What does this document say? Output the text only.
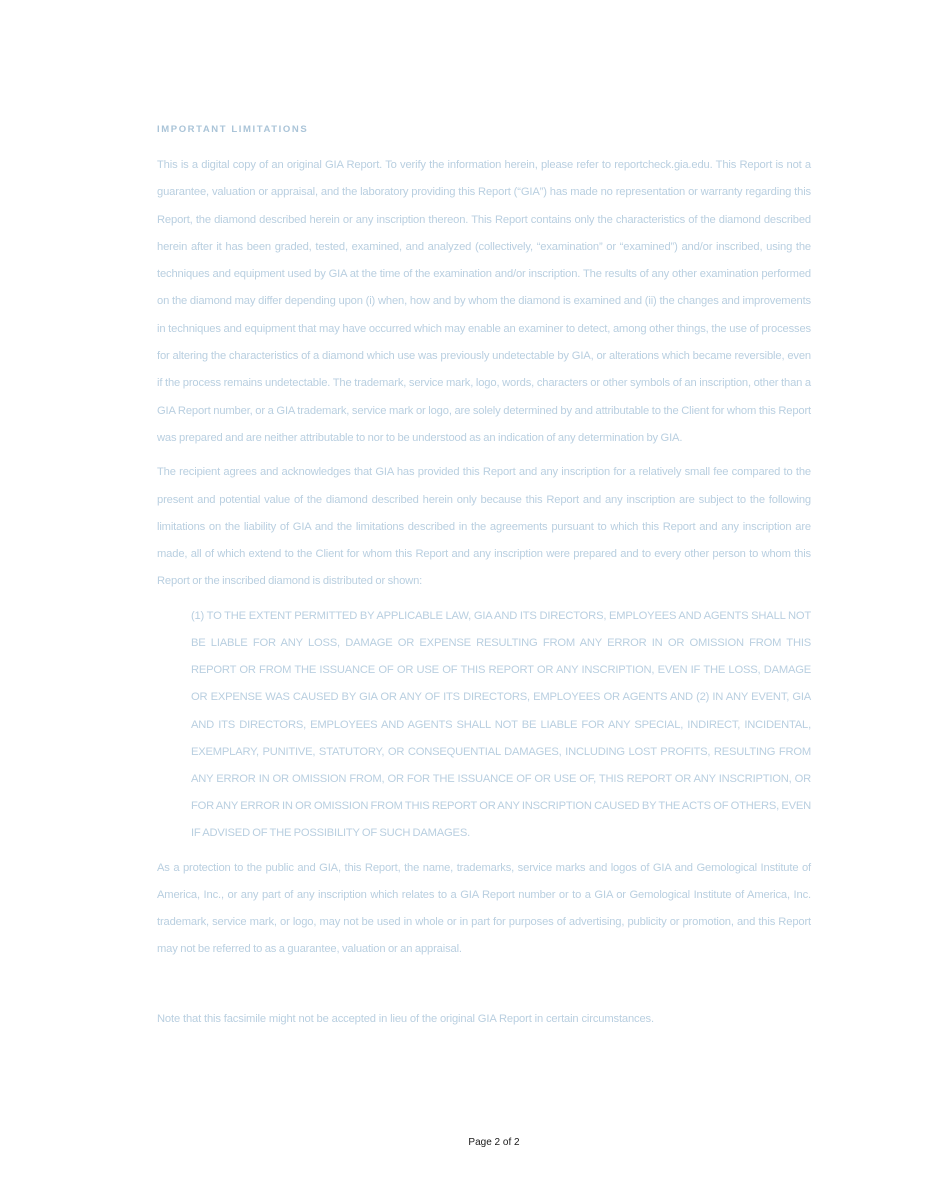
IMPORTANT LIMITATIONS

This is a digital copy of an original GIA Report. To verify the information herein, please refer to reportcheck.gia.edu. This Report is not a guarantee, valuation or appraisal, and the laboratory providing this Report (“GIA”) has made no representation or warranty regarding this Report, the diamond described herein or any inscription thereon. This Report contains only the characteristics of the diamond described herein after it has been graded, tested, examined, and analyzed (collectively, “examination” or “examined”) and/or inscribed, using the techniques and equipment used by GIA at the time of the examination and/or inscription. The results of any other examination performed on the diamond may differ depending upon (i) when, how and by whom the diamond is examined and (ii) the changes and improvements in techniques and equipment that may have occurred which may enable an examiner to detect, among other things, the use of processes for altering the characteristics of a diamond which use was previously undetectable by GIA, or alterations which became reversible, even if the process remains undetectable. The trademark, service mark, logo, words, characters or other symbols of an inscription, other than a GIA Report number, or a GIA trademark, service mark or logo, are solely determined by and attributable to the Client for whom this Report was prepared and are neither attributable to nor to be understood as an indication of any determination by GIA.

The recipient agrees and acknowledges that GIA has provided this Report and any inscription for a relatively small fee compared to the present and potential value of the diamond described herein only because this Report and any inscription are subject to the following limitations on the liability of GIA and the limitations described in the agreements pursuant to which this Report and any inscription are made, all of which extend to the Client for whom this Report and any inscription were prepared and to every other person to whom this Report or the inscribed diamond is distributed or shown:

(1) TO THE EXTENT PERMITTED BY APPLICABLE LAW, GIA AND ITS DIRECTORS, EMPLOYEES AND AGENTS SHALL NOT BE LIABLE FOR ANY LOSS, DAMAGE OR EXPENSE RESULTING FROM ANY ERROR IN OR OMISSION FROM THIS REPORT OR FROM THE ISSUANCE OF OR USE OF THIS REPORT OR ANY INSCRIPTION, EVEN IF THE LOSS, DAMAGE OR EXPENSE WAS CAUSED BY GIA OR ANY OF ITS DIRECTORS, EMPLOYEES OR AGENTS AND (2) IN ANY EVENT, GIA AND ITS DIRECTORS, EMPLOYEES AND AGENTS SHALL NOT BE LIABLE FOR ANY SPECIAL, INDIRECT, INCIDENTAL, EXEMPLARY, PUNITIVE, STATUTORY, OR CONSEQUENTIAL DAMAGES, INCLUDING LOST PROFITS, RESULTING FROM ANY ERROR IN OR OMISSION FROM, OR FOR THE ISSUANCE OF OR USE OF, THIS REPORT OR ANY INSCRIPTION, OR FOR ANY ERROR IN OR OMISSION FROM THIS REPORT OR ANY INSCRIPTION CAUSED BY THE ACTS OF OTHERS, EVEN IF ADVISED OF THE POSSIBILITY OF SUCH DAMAGES.

As a protection to the public and GIA, this Report, the name, trademarks, service marks and logos of GIA and Gemological Institute of America, Inc., or any part of any inscription which relates to a GIA Report number or to a GIA or Gemological Institute of America, Inc. trademark, service mark, or logo, may not be used in whole or in part for purposes of advertising, publicity or promotion, and this Report may not be referred to as a guarantee, valuation or an appraisal.

Note that this facsimile might not be accepted in lieu of the original GIA Report in certain circumstances.
Page 2 of 2
